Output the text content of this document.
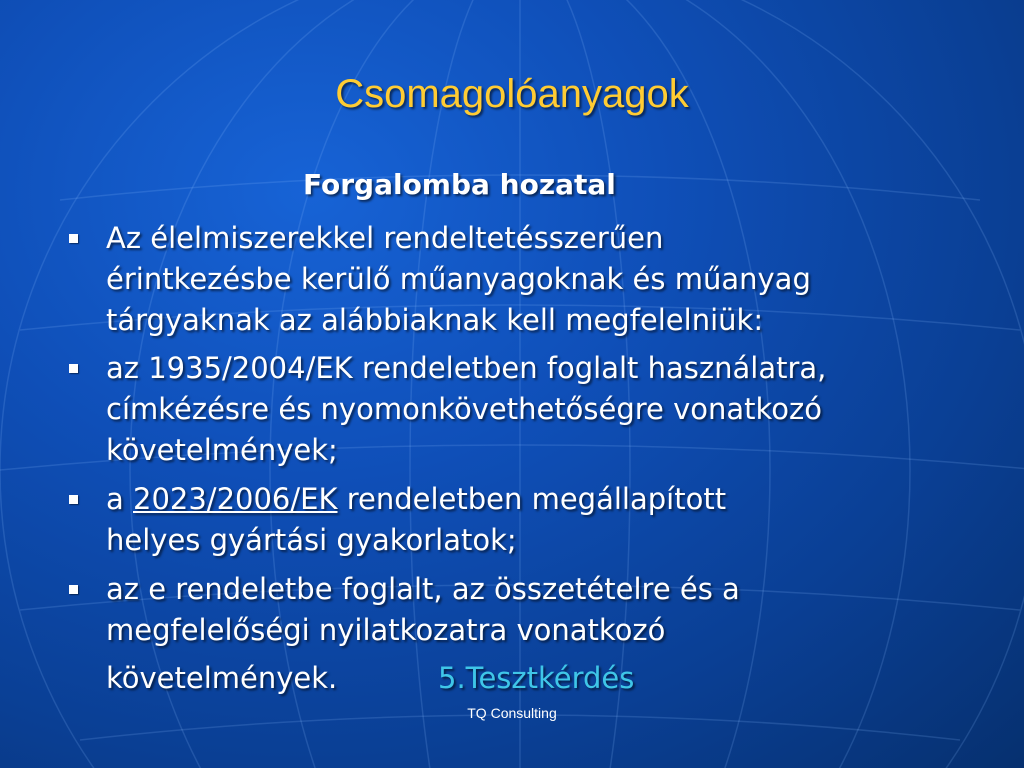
Csomagolóanyagok
Forgalomba hozatal
Az élelmiszerekkel rendeltetésszerűen
érintkezésbe kerülő műanyagoknak és műanyag
tárgyaknak az alábbiaknak kell megfelelniük:
az 1935/2004/EK rendeletben foglalt használatra,
címkézésre és nyomonkövethetőségre vonatkozó
követelmények;
a 2023/2006/EK rendeletben megállapított
helyes gyártási gyakorlatok;
az e rendeletbe foglalt, az összetételre és a
megfelelőségi nyilatkozatra vonatkozó
követelmények.	5.Tesztkérdés
TQ Consulting
